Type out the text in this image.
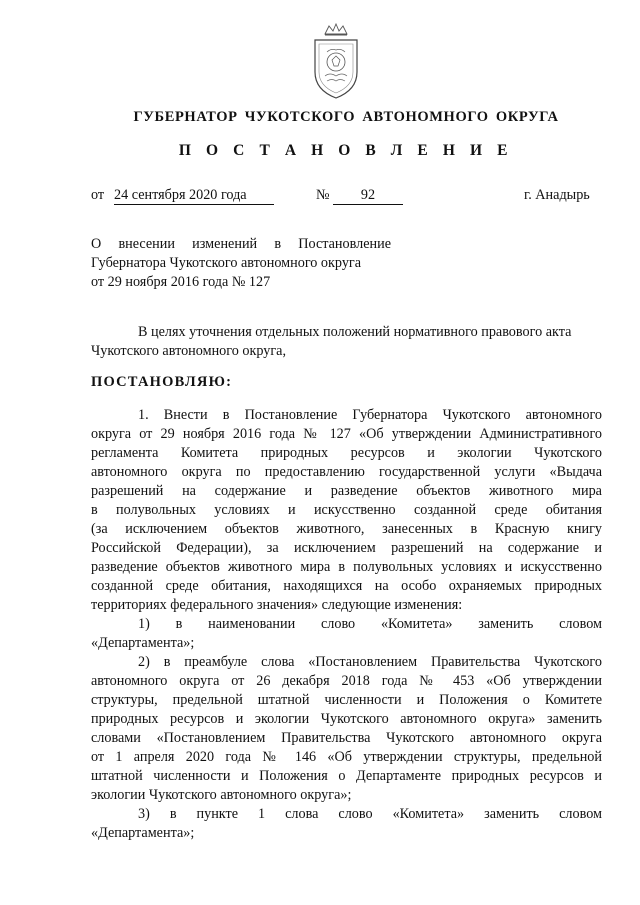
ГУБЕРНАТОР ЧУКОТСКОГО АВТОНОМНОГО ОКРУГА
П О С Т А Н О В Л Е Н И Е
от 24 сентября 2020 года	№	92	г. Анадырь
О внесении изменений в Постановление
Губернатора Чукотского автономного округа
от 29 ноября 2016 года № 127
В целях уточнения отдельных положений нормативного правового акта
Чукотского автономного округа,
ПОСТАНОВЛЯЮ:
1. Внести в Постановление Губернатора Чукотского автономного
округа от 29 ноября 2016 года № 127 «Об утверждении Административного
регламента Комитета природных ресурсов и экологии Чукотского
автономного округа по предоставлению государственной услуги «Выдача
разрешений на содержание и разведение объектов животного мира
в полувольных условиях и искусственно созданной среде обитания
(за исключением объектов животного, занесенных в Красную книгу
Российской Федерации), за исключением разрешений на содержание и
разведение объектов животного мира в полувольных условиях и искусственно
созданной среде обитания, находящихся на особо охраняемых природных
территориях федерального значения» следующие изменения:
1) в наименовании слово «Комитета» заменить словом
«Департамента»;
2) в преамбуле слова «Постановлением Правительства Чукотского
автономного округа от 26 декабря 2018 года № 453 «Об утверждении
структуры, предельной штатной численности и Положения о Комитете
природных ресурсов и экологии Чукотского автономного округа» заменить
словами «Постановлением Правительства Чукотского автономного округа
от 1 апреля 2020 года № 146 «Об утверждении структуры, предельной
штатной численности и Положения о Департаменте природных ресурсов и
экологии Чукотского автономного округа»;
3) в пункте 1 слова слово «Комитета» заменить словом
«Департамента»;
